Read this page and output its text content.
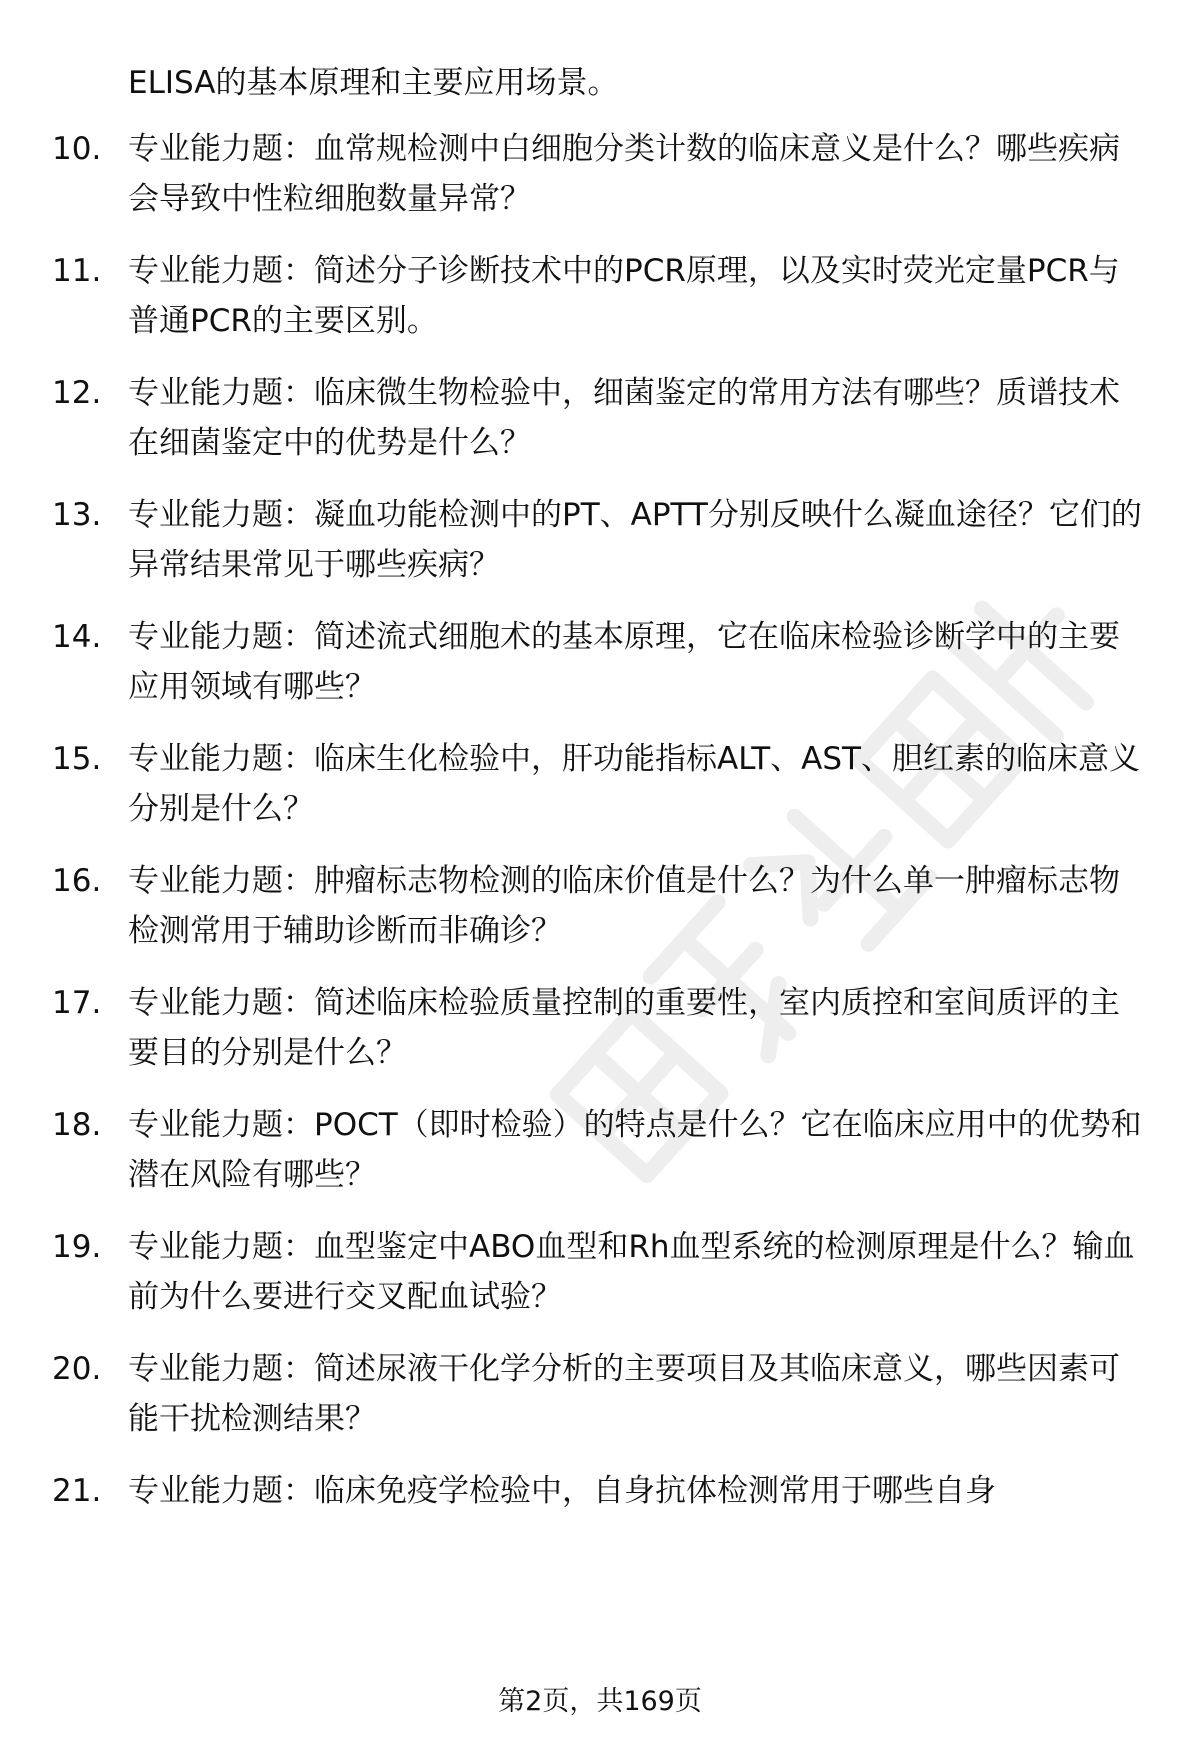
ELISA的基本原理和主要应用场景。
10. 专业能力题：血常规检测中白细胞分类计数的临床意义是什么？哪些疾病会导致中性粒细胞数量异常？
11. 专业能力题：简述分子诊断技术中的PCR原理，以及实时荧光定量PCR与普通PCR的主要区别。
12. 专业能力题：临床微生物检验中，细菌鉴定的常用方法有哪些？质谱技术在细菌鉴定中的优势是什么？
13. 专业能力题：凝血功能检测中的PT、APTT分别反映什么凝血途径？它们的异常结果常见于哪些疾病？
14. 专业能力题：简述流式细胞术的基本原理，它在临床检验诊断学中的主要应用领域有哪些？
15. 专业能力题：临床生化检验中，肝功能指标ALT、AST、胆红素的临床意义分别是什么？
16. 专业能力题：肿瘤标志物检测的临床价值是什么？为什么单一肿瘤标志物检测常用于辅助诊断而非确诊？
17. 专业能力题：简述临床检验质量控制的重要性，室内质控和室间质评的主要目的分别是什么？
18. 专业能力题：POCT（即时检验）的特点是什么？它在临床应用中的优势和潜在风险有哪些？
19. 专业能力题：血型鉴定中ABO血型和Rh血型系统的检测原理是什么？输血前为什么要进行交叉配血试验？
20. 专业能力题：简述尿液干化学分析的主要项目及其临床意义，哪些因素可能干扰检测结果？
21. 专业能力题：临床免疫学检验中，自身抗体检测常用于哪些自身
第2页，共169页
